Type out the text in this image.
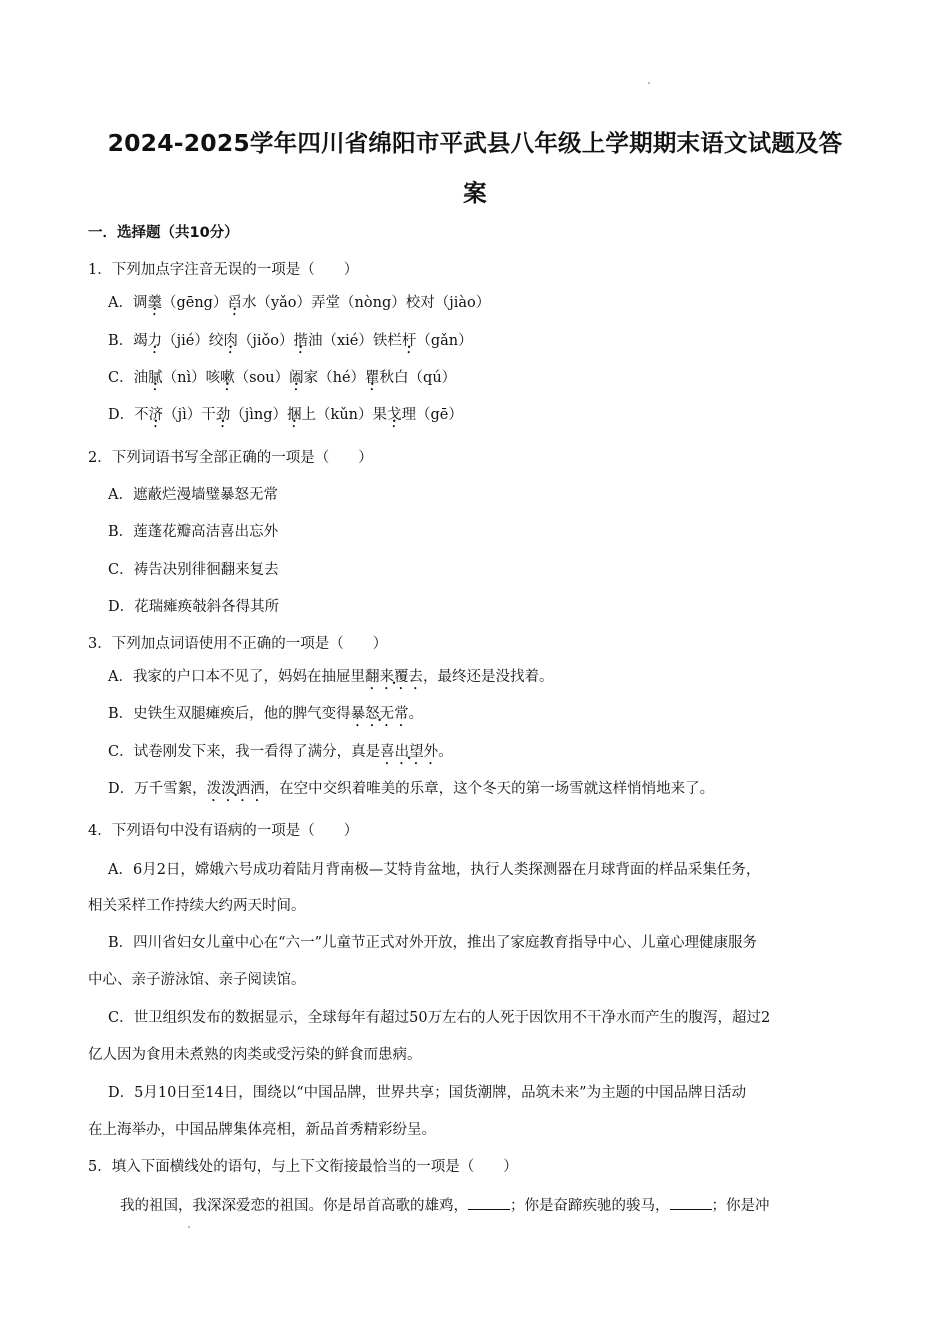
2024-2025学年四川省绵阳市平武县八年级上学期期末语文试题及答
案
一．选择题（共10分）
1．下列加点字注音无误的一项是（　　）
A．调羹（gēng）舀水（yǎo）弄堂（nòng）校对（jiào）
B．竭力（jié）绞肉（jiǒo）揩油（xié）铁栏杆（gǎn）
C．油腻（nì）咳嗽（sou）阖家（hé）瞿秋白（qú）
D．不济（jì）干劲（jìng）捆上（kǔn）果戈理（gē）
2．下列词语书写全部正确的一项是（　　）
A．遮蔽烂漫墙璧暴怒无常
B．莲蓬花瓣高洁喜出忘外
C．祷告决别徘徊翻来复去
D．花瑞瘫痪攲斜各得其所
3．下列加点词语使用不正确的一项是（　　）
A．我家的户口本不见了，妈妈在抽屉里翻来覆去，最终还是没找着。
B．史铁生双腿瘫痪后，他的脾气变得暴怒无常。
C．试卷刚发下来，我一看得了满分，真是喜出望外。
D．万千雪絮，泼泼洒洒，在空中交织着唯美的乐章，这个冬天的第一场雪就这样悄悄地来了。
4．下列语句中没有语病的一项是（　　）
A．6月2日，嫦娥六号成功着陆月背南极—艾特肯盆地，执行人类探测器在月球背面的样品采集任务，
相关采样工作持续大约两天时间。
B．四川省妇女儿童中心在“六一”儿童节正式对外开放，推出了家庭教育指导中心、儿童心理健康服务
中心、亲子游泳馆、亲子阅读馆。
C．世卫组织发布的数据显示，全球每年有超过50万左右的人死于因饮用不干净水而产生的腹泻，超过2
亿人因为食用未煮熟的肉类或受污染的鲜食而患病。
D．5月10日至14日，围绕以“中国品牌，世界共享；国货潮牌，品筑未来”为主题的中国品牌日活动
在上海举办，中国品牌集体亮相，新品首秀精彩纷呈。
5．填入下面横线处的语句，与上下文衔接最恰当的一项是（　　）
我的祖国，我深深爱恋的祖国。你是昂首高歌的雄鸡，	；你是奋蹄疾驰的骏马，	；你是冲
